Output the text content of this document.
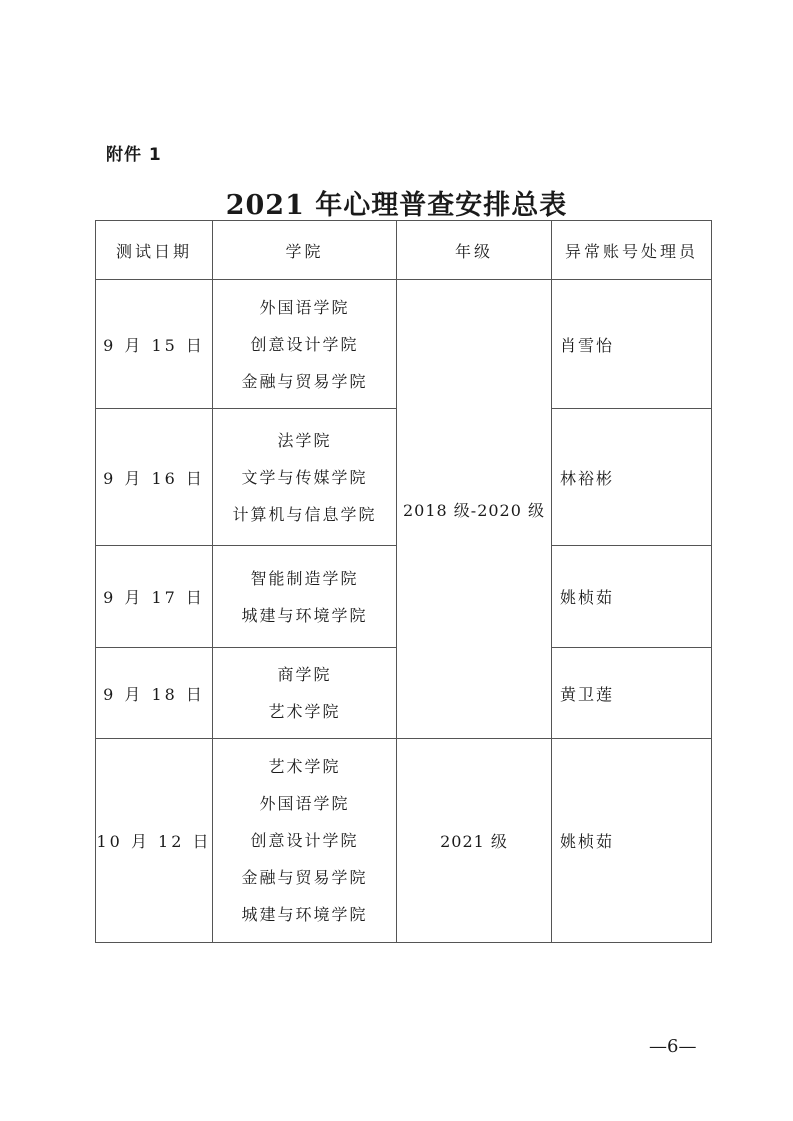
附件 1
2021 年心理普查安排总表
测试日期	学院	年级	异常账号处理员
9 月 15 日	外国语学院
创意设计学院
金融与贸易学院	2018 级-2020 级	肖雪怡
9 月 16 日	法学院
文学与传媒学院
计算机与信息学院		林裕彬
9 月 17 日	智能制造学院
城建与环境学院		姚桢茹
9 月 18 日	商学院
艺术学院		黄卫莲
10 月 12 日	艺术学院
外国语学院
创意设计学院
金融与贸易学院
城建与环境学院	2021 级	姚桢茹
—6—
